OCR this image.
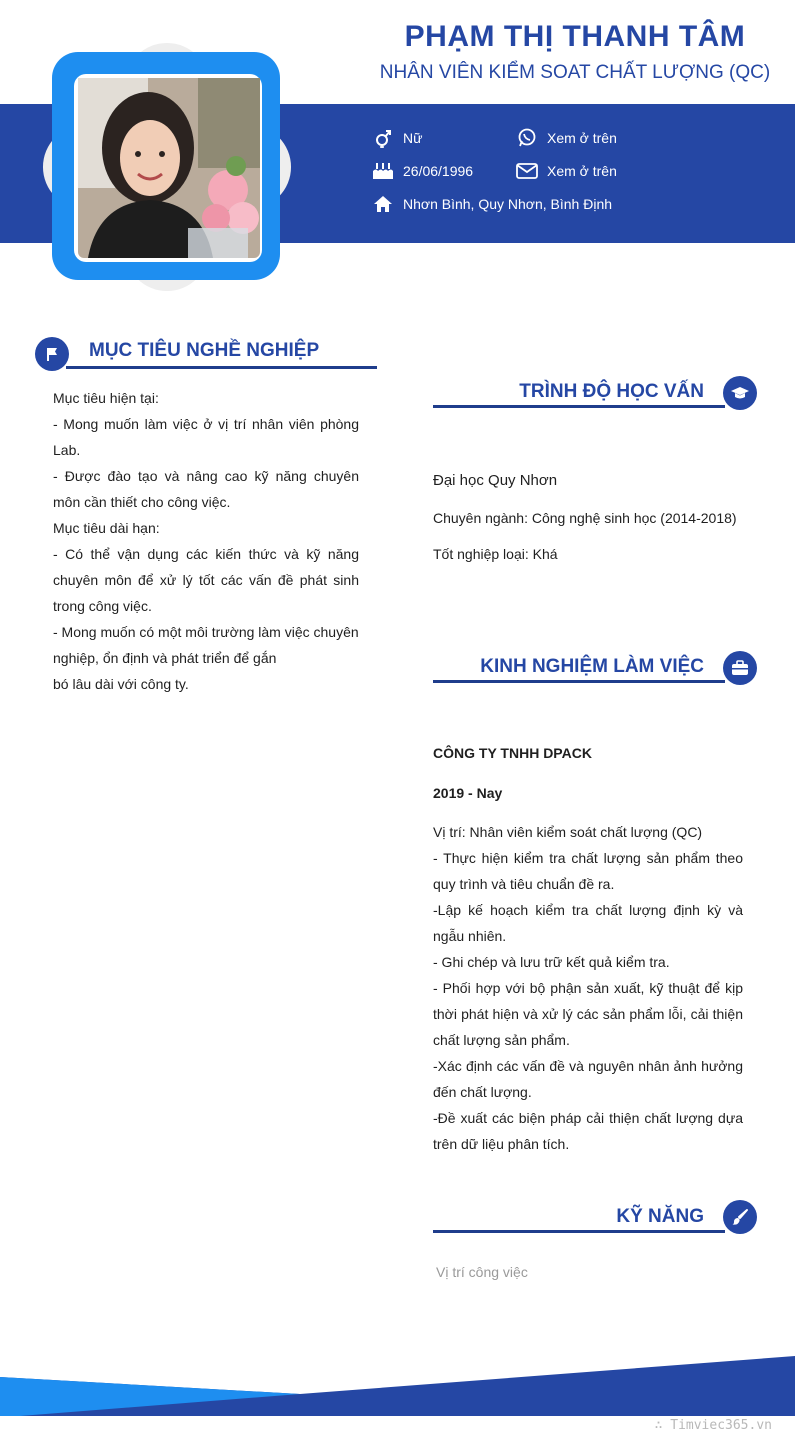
PHẠM THỊ THANH TÂM
NHÂN VIÊN KIỂM SOAT CHẤT LƯỢNG (QC)
Nữ
26/06/1996
Nhơn Bình, Quy Nhơn, Bình Định
Xem ở trên
Xem ở trên
MỤC TIÊU NGHỀ NGHIỆP

Mục tiêu hiện tại:

- Mong muốn làm việc ở vị trí nhân viên phòng Lab.

- Được đào tạo và nâng cao kỹ năng chuyên môn cần thiết cho công việc.

Mục tiêu dài hạn:

- Có thể vận dụng các kiến thức và kỹ năng chuyên môn để xử lý tốt các vấn đề phát sinh trong công việc.

- Mong muốn có một môi trường làm việc chuyên nghiệp, ổn định và phát triển để gắn

bó lâu dài với công ty.

TRÌNH ĐỘ HỌC VẤN
Đại học Quy Nhơn
Chuyên ngành: Công nghệ sinh học (2014-2018)
Tốt nghiệp loại: Khá
KINH NGHIỆM LÀM VIỆC
CÔNG TY TNHH DPACK
2019 - Nay

Vị trí: Nhân viên kiểm soát chất lượng (QC)

- Thực hiện kiểm tra chất lượng sản phẩm theo quy trình và tiêu chuẩn đề ra.

-Lập kế hoạch kiểm tra chất lượng định kỳ và ngẫu nhiên.

- Ghi chép và lưu trữ kết quả kiểm tra.

- Phối hợp với bộ phận sản xuất, kỹ thuật để kịp thời phát hiện và xử lý các sản phẩm lỗi, cải thiện chất lượng sản phẩm.

-Xác định các vấn đề và nguyên nhân ảnh hưởng đến chất lượng.

-Đề xuất các biện pháp cải thiện chất lượng dựa trên dữ liệu phân tích.

KỸ NĂNG
Vị trí công việc
∴ Timviec365.vn
